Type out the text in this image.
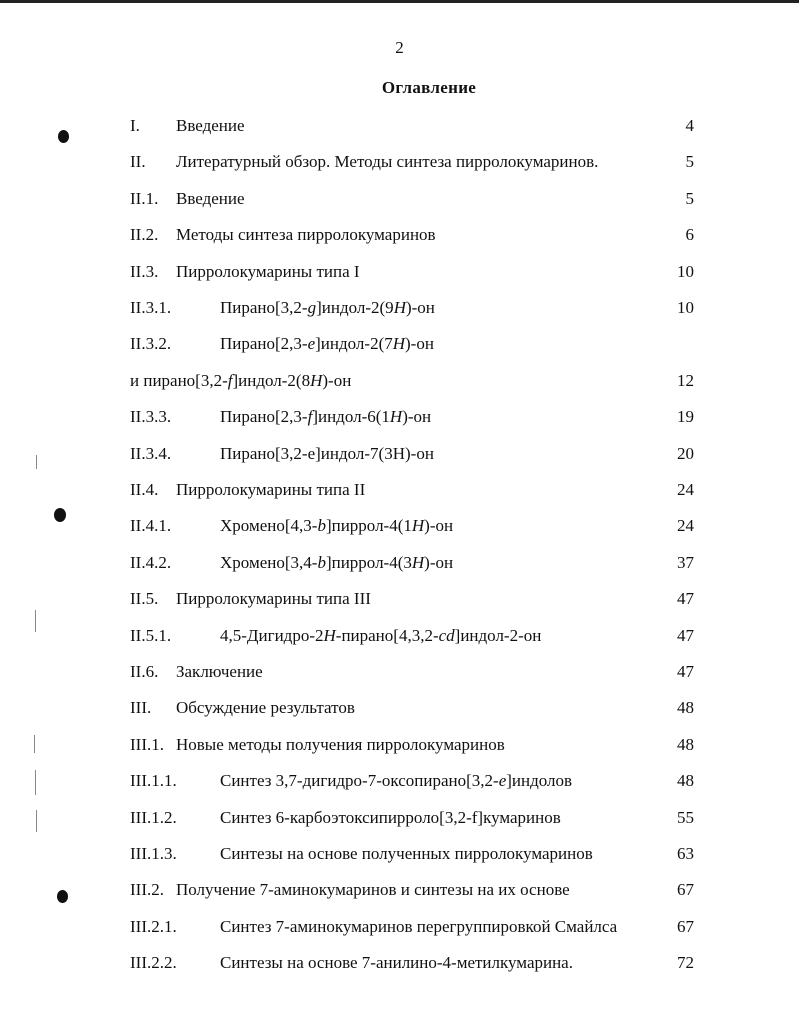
2
Оглавление
I. Введение	4
II. Литературный обзор. Методы синтеза пирролокумаринов.	5
II.1. Введение	5
II.2. Методы синтеза пирролокумаринов	6
II.3. Пирролокумарины типа I	10
II.3.1.	Пирано[3,2-g]индол-2(9H)-он	10
II.3.2.	Пирано[2,3-e]индол-2(7H)-он
и пирано[3,2-f]индол-2(8H)-он	12
II.3.3.	Пирано[2,3-f]индол-6(1H)-он	19
II.3.4.	Пирано[3,2-e]индол-7(3H)-он	20
II.4. Пирролокумарины типа II	24
II.4.1.	Хромено[4,3-b]пиррол-4(1H)-он	24
II.4.2.	Хромено[3,4-b]пиррол-4(3H)-он	37
II.5. Пирролокумарины типа III	47
II.5.1.	4,5-Дигидро-2H-пирано[4,3,2-cd]индол-2-он	47
II.6. Заключение	47
III. Обсуждение результатов	48
III.1. Новые методы получения пирролокумаринов	48
III.1.1.	Синтез 3,7-дигидро-7-оксопирано[3,2-e]индолов	48
III.1.2.	Синтез 6-карбоэтоксипирроло[3,2-f]кумаринов	55
III.1.3.	Синтезы на основе полученных пирролокумаринов	63
III.2. Получение 7-аминокумаринов и синтезы на их основе	67
III.2.1.	Синтез 7-аминокумаринов перегруппировкой Смайлса	67
III.2.2.	Синтезы на основе 7-анилино-4-метилкумарина.	72
